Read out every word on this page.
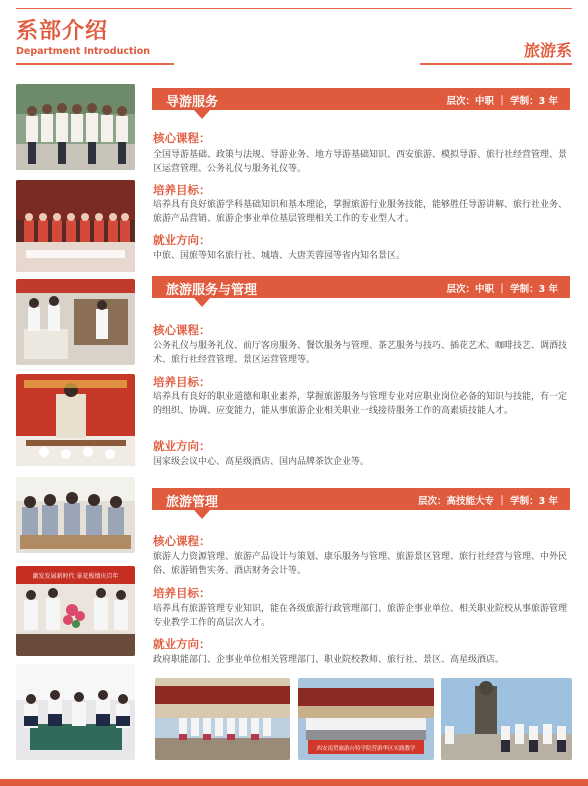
系部介绍
Department Introduction	旅游系
激发发展新时代 景花板绩庆百年
导游服务	层次：中职 ｜ 学制：3 年
核心课程：
全国导游基础、政策与法规、导游业务、地方导游基础知识、西安旅游、模拟导游、旅行社经营管理、景区运营管理、公务礼仪与服务礼仪等。
培养目标：
培养具有良好旅游学科基础知识和基本理论，掌握旅游行业服务技能，能够胜任导游讲解、旅行社业务、旅游产品营销、旅游企事业单位基层管理相关工作的专业型人才。
就业方向：
中旅、国旅等知名旅行社、城墙、大唐芙蓉园等省内知名景区。
旅游服务与管理	层次：中职 ｜ 学制：3 年
核心课程：
公务礼仪与服务礼仪、前厅客房服务、餐饮服务与管理、茶艺服务与技巧、插花艺术、咖啡技艺、调酒技术、旅行社经营管理、景区运营管理等。
培养目标：
培养具有良好的职业道德和职业素养，掌握旅游服务与管理专业对应职业岗位必备的知识与技能，有一定的组织、协调、应变能力，能从事旅游企业相关职业一线接待服务工作的高素质技能人才。
就业方向：
国家级会议中心、高星级酒店、国内品牌茶饮企业等。
旅游管理	层次：高技能大专 ｜ 学制：3 年
核心课程：
旅游人力资源管理、旅游产品设计与策划、康乐服务与管理、旅游景区管理、旅行社经营与管理、中外民俗、旅游销售实务、酒店财务会计等。
培养目标：
培养具有旅游管理专业知识，能在各级旅游行政管理部门、旅游企事业单位、相关职业院校从事旅游管理专业教学工作的高层次人才。
就业方向：
政府职能部门、企事业单位相关管理部门、职业院校教师、旅行社、景区、高星级酒店。
西安南贸旅游台特学院营游华区实践教学
